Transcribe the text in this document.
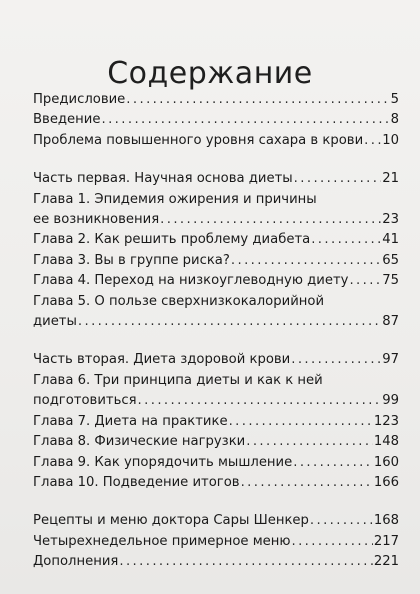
Содержание
Предисловие .....	5
Введение .....	8
Проблема повышенного уровня сахара в крови ..... 10
Часть первая. Научная основа диеты .....	21
Глава 1. Эпидемия ожирения и причины
ее возникновения .....	23
Глава 2. Как решить проблему диабета .....	41
Глава 3. Вы в группе риска? .....	65
Глава 4. Переход на низкоуглеводную диету .....	75
Глава 5. О пользе сверхнизкокалорийной
диеты .....	87
Часть вторая. Диета здоровой крови .....	97
Глава 6. Три принципа диеты и как к ней
подготовиться .....	99
Глава 7. Диета на практике .....	123
Глава 8. Физические нагрузки .....	148
Глава 9. Как упорядочить мышление .....	160
Глава 10. Подведение итогов .....	166
Рецепты и меню доктора Сары Шенкер .....	168
Четырехнедельное примерное меню .....	217
Дополнения .....	221
